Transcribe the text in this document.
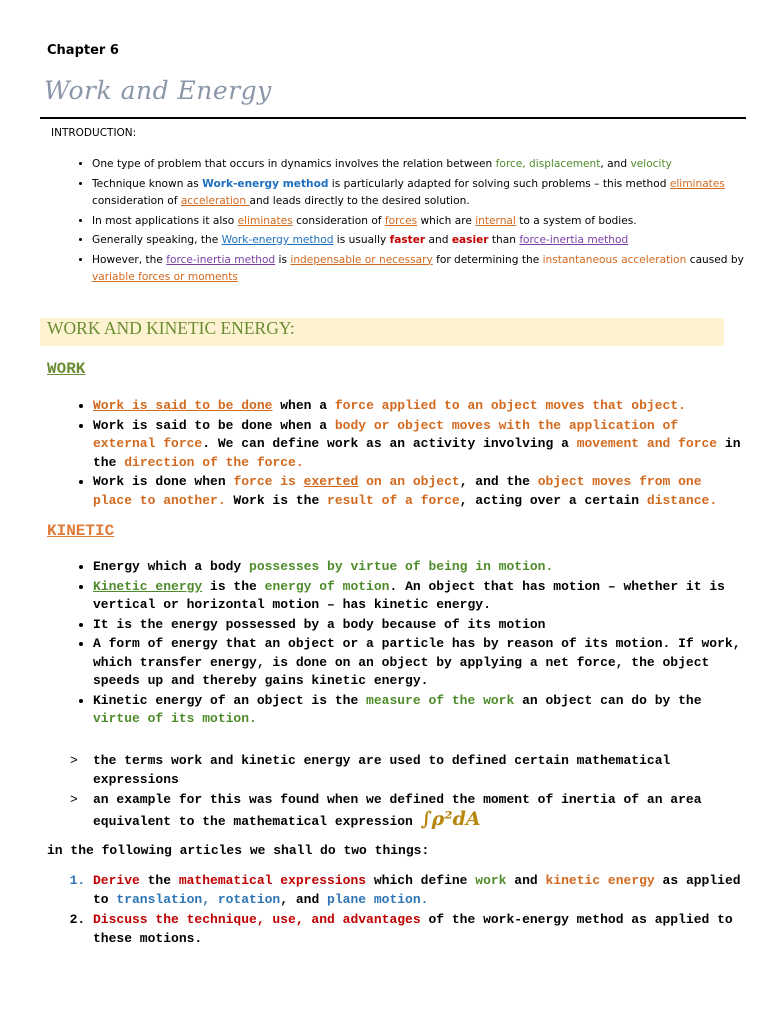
Chapter 6
Work and Energy
INTRODUCTION:
• One type of problem that occurs in dynamics involves the relation between force, displacement, and velocity
• Technique known as Work-energy method is particularly adapted for solving such problems – this method eliminates consideration of acceleration and leads directly to the desired solution.
• In most applications it also eliminates consideration of forces which are internal to a system of bodies.
• Generally speaking, the Work-energy method is usually faster and easier than force-inertia method
• However, the force-inertia method is indepensable or necessary for determining the instantaneous acceleration caused by variable forces or moments
WORK AND KINETIC ENERGY:
WORK
• Work is said to be done when a force applied to an object moves that object.
• Work is said to be done when a body or object moves with the application of external force. We can define work as an activity involving a movement and force in the direction of the force.
• Work is done when force is exerted on an object, and the object moves from one place to another. Work is the result of a force, acting over a certain distance.
KINETIC
• Energy which a body possesses by virtue of being in motion.
• Kinetic energy is the energy of motion. An object that has motion – whether it is vertical or horizontal motion – has kinetic energy.
• It is the energy possessed by a body because of its motion
• A form of energy that an object or a particle has by reason of its motion. If work, which transfer energy, is done on an object by applying a net force, the object speeds up and thereby gains kinetic energy.
• Kinetic energy of an object is the measure of the work an object can do by the virtue of its motion.
> the terms work and kinetic energy are used to defined certain mathematical expressions
> an example for this was found when we defined the moment of inertia of an area equivalent to the mathematical expression ∫ρ²dA
in the following articles we shall do two things:
1. Derive the mathematical expressions which define work and kinetic energy as applied to translation, rotation, and plane motion.
2. Discuss the technique, use, and advantages of the work-energy method as applied to these motions.
